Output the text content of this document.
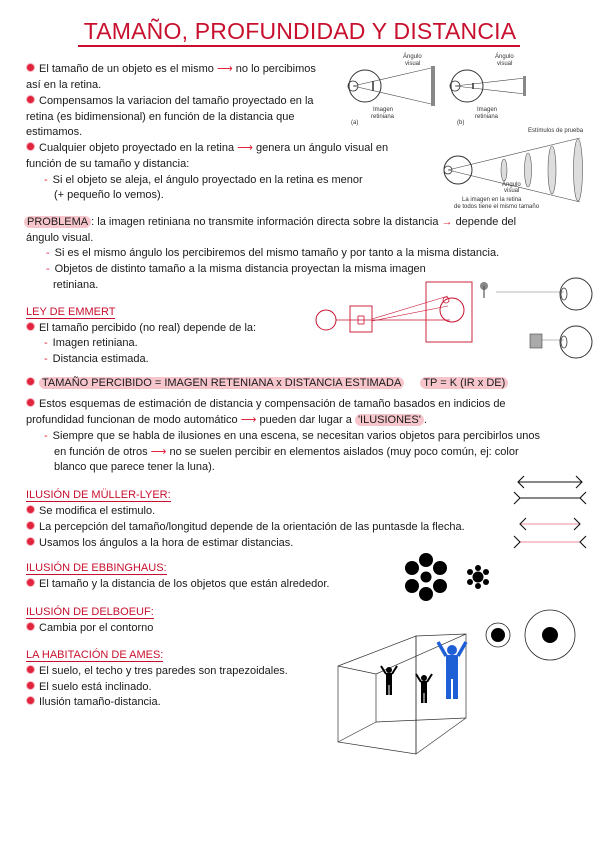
TAMAÑO, PROFUNDIDAD Y DISTANCIA
El tamaño de un objeto es el mismo ⟶ no lo percibimos
así en la retina.
Compensamos la variacion del tamaño proyectado en la
retina (es bidimensional) en función de la distancia que
estimamos.
Cualquier objeto proyectado en la retina ⟶ genera un ángulo visual en
función de su tamaño y distancia:
- Si el objeto se aleja, el ángulo proyectado en la retina es menor
(+ pequeño lo vemos).
Ángulo
visual
Imagen
retiniana
(a)
Ángulo
visual
Imagen
retiniana
(b)
Estímulos de prueba
Ángulo
visual
La imagen en la retina
de todos tiene el mismo tamaño
PROBLEMA : la imagen retiniana no transmite información directa sobre la distancia → depende del
ángulo visual.
- Si es el mismo ángulo los percibiremos del mismo tamaño y por tanto a la misma distancia.
- Objetos de distinto tamaño a la misma distancia proyectan la misma imagen
retiniana.
LEY DE EMMERT
El tamaño percibido (no real) depende de la:
- Imagen retiniana.
- Distancia estimada.
TAMAÑO PERCIBIDO = IMAGEN RETENIANA x DISTANCIA ESTIMADA TP = K (IR x DE)
Estos esquemas de estimación de distancia y compensación de tamaño basados en indicios de
profundidad funcionan de modo automático ⟶ pueden dar lugar a 'ILUSIONES' .
- Siempre que se habla de ilusiones en una escena, se necesitan varios objetos para percibirlos unos
en función de otros ⟶ no se suelen percibir en elementos aislados (muy poco común, ej: color
blanco que parece tener la luna).
ILUSIÓN DE MÜLLER-LYER:
Se modifica el estimulo.
La percepción del tamaño/longitud depende de la orientación de las puntasde la flecha.
Usamos los ángulos a la hora de estimar distancias.
ILUSIÓN DE EBBINGHAUS:
El tamaño y la distancia de los objetos que están alrededor.
ILUSIÓN DE DELBOEUF:
Cambia por el contorno
LA HABITACIÓN DE AMES:
El suelo, el techo y tres paredes son trapezoidales.
El suelo está inclinado.
Ilusión tamaño-distancia.
